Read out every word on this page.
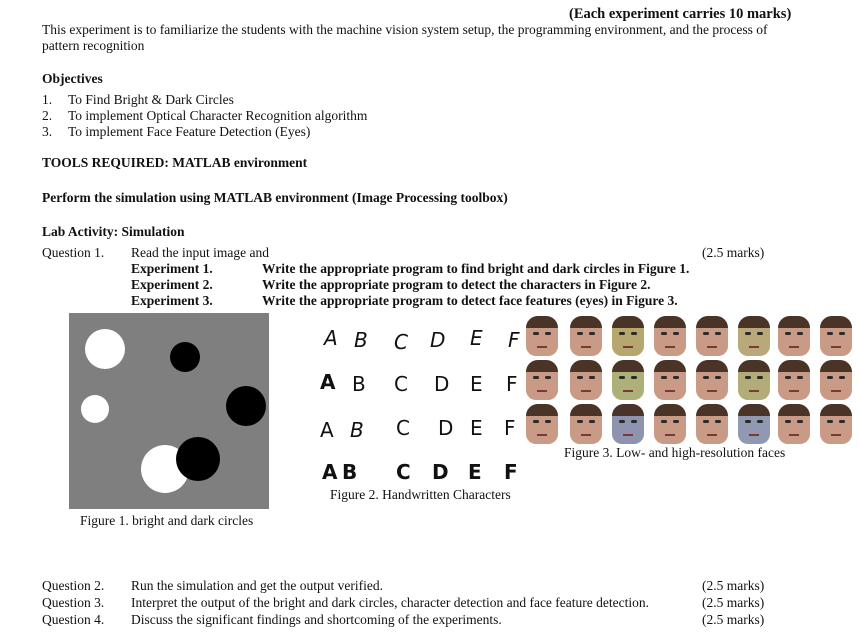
(Each experiment carries 10 marks)
This experiment is to familiarize the students with the machine vision system setup, the programming environment, and the process of
pattern recognition
Objectives
1. To Find Bright & Dark Circles
2. To implement Optical Character Recognition algorithm
3. To implement Face Feature Detection (Eyes)
TOOLS REQUIRED: MATLAB environment
Perform the simulation using MATLAB environment (Image Processing toolbox)
Lab Activity: Simulation
Question 1. Read the input image and	(2.5 marks)
Experiment 1.	Write the appropriate program to find bright and dark circles in Figure 1.
Experiment 2.	Write the appropriate program to detect the characters in Figure 2.
Experiment 3.	Write the appropriate program to detect face features (eyes) in Figure 3.
Figure 1. bright and dark circles
A B C D E F
A B C D E F
A B C D E F
A B C D E F
Figure 2. Handwritten Characters
Figure 3. Low- and high-resolution faces
Question 2. Run the simulation and get the output verified.	(2.5 marks)
Question 3. Interpret the output of the bright and dark circles, character detection and face feature detection.	(2.5 marks)
Question 4. Discuss the significant findings and shortcoming of the experiments.	(2.5 marks)
